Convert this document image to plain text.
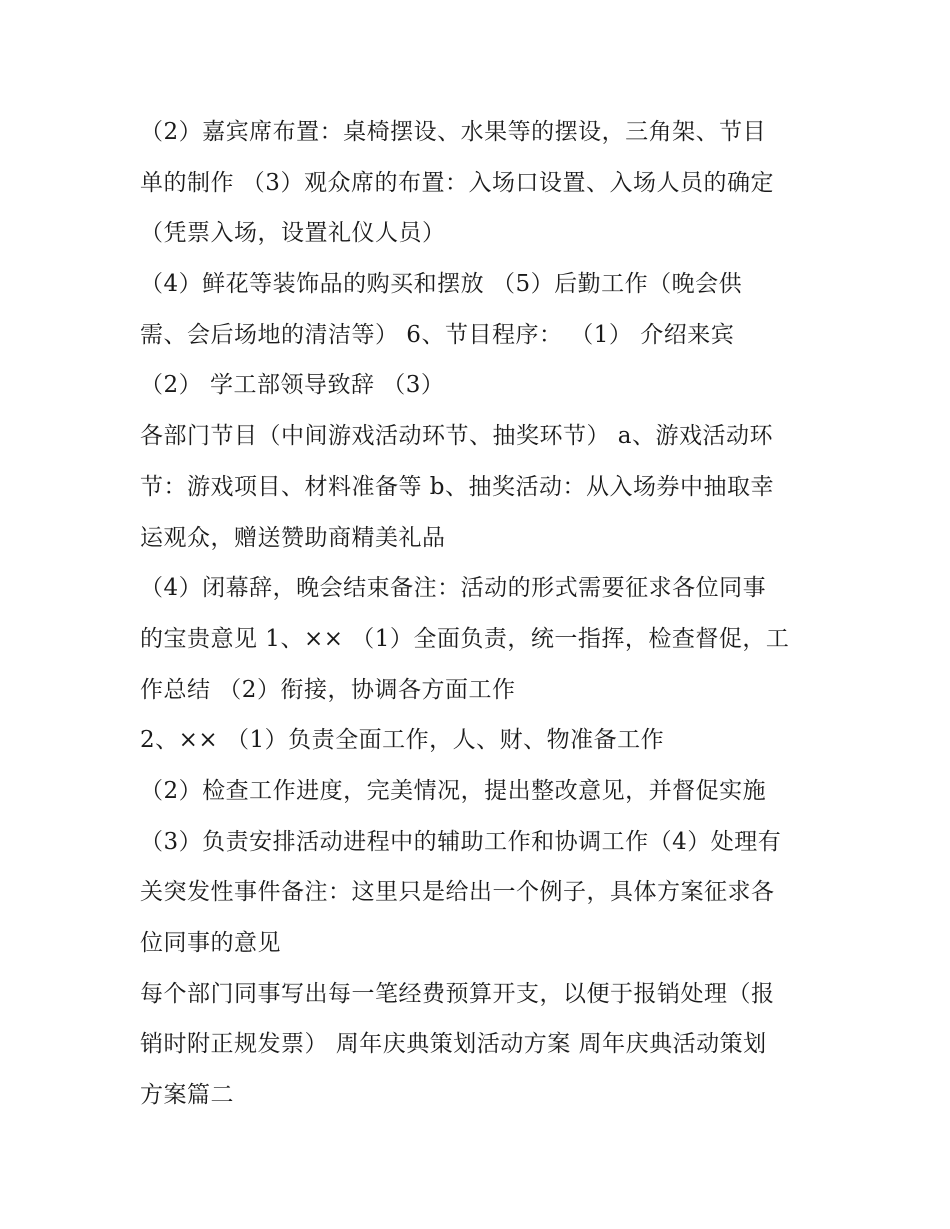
（2）嘉宾席布置：桌椅摆设、水果等的摆设，三角架、节目
单的制作 （3）观众席的布置：入场口设置、入场人员的确定
（凭票入场，设置礼仪人员）
（4）鲜花等装饰品的购买和摆放 （5）后勤工作（晚会供
需、会后场地的清洁等） 6、节目程序： （1） 介绍来宾
（2） 学工部领导致辞 （3）
各部门节目（中间游戏活动环节、抽奖环节） a、游戏活动环
节：游戏项目、材料准备等 b、抽奖活动：从入场券中抽取幸
运观众，赠送赞助商精美礼品
（4）闭幕辞，晚会结束备注：活动的形式需要征求各位同事
的宝贵意见 1、×× （1）全面负责，统一指挥，检查督促，工
作总结 （2）衔接，协调各方面工作
2、×× （1）负责全面工作，人、财、物准备工作
（2）检查工作进度，完美情况，提出整改意见，并督促实施
（3）负责安排活动进程中的辅助工作和协调工作（4）处理有
关突发性事件备注：这里只是给出一个例子，具体方案征求各
位同事的意见
每个部门同事写出每一笔经费预算开支，以便于报销处理（报
销时附正规发票） 周年庆典策划活动方案 周年庆典活动策划
方案篇二
